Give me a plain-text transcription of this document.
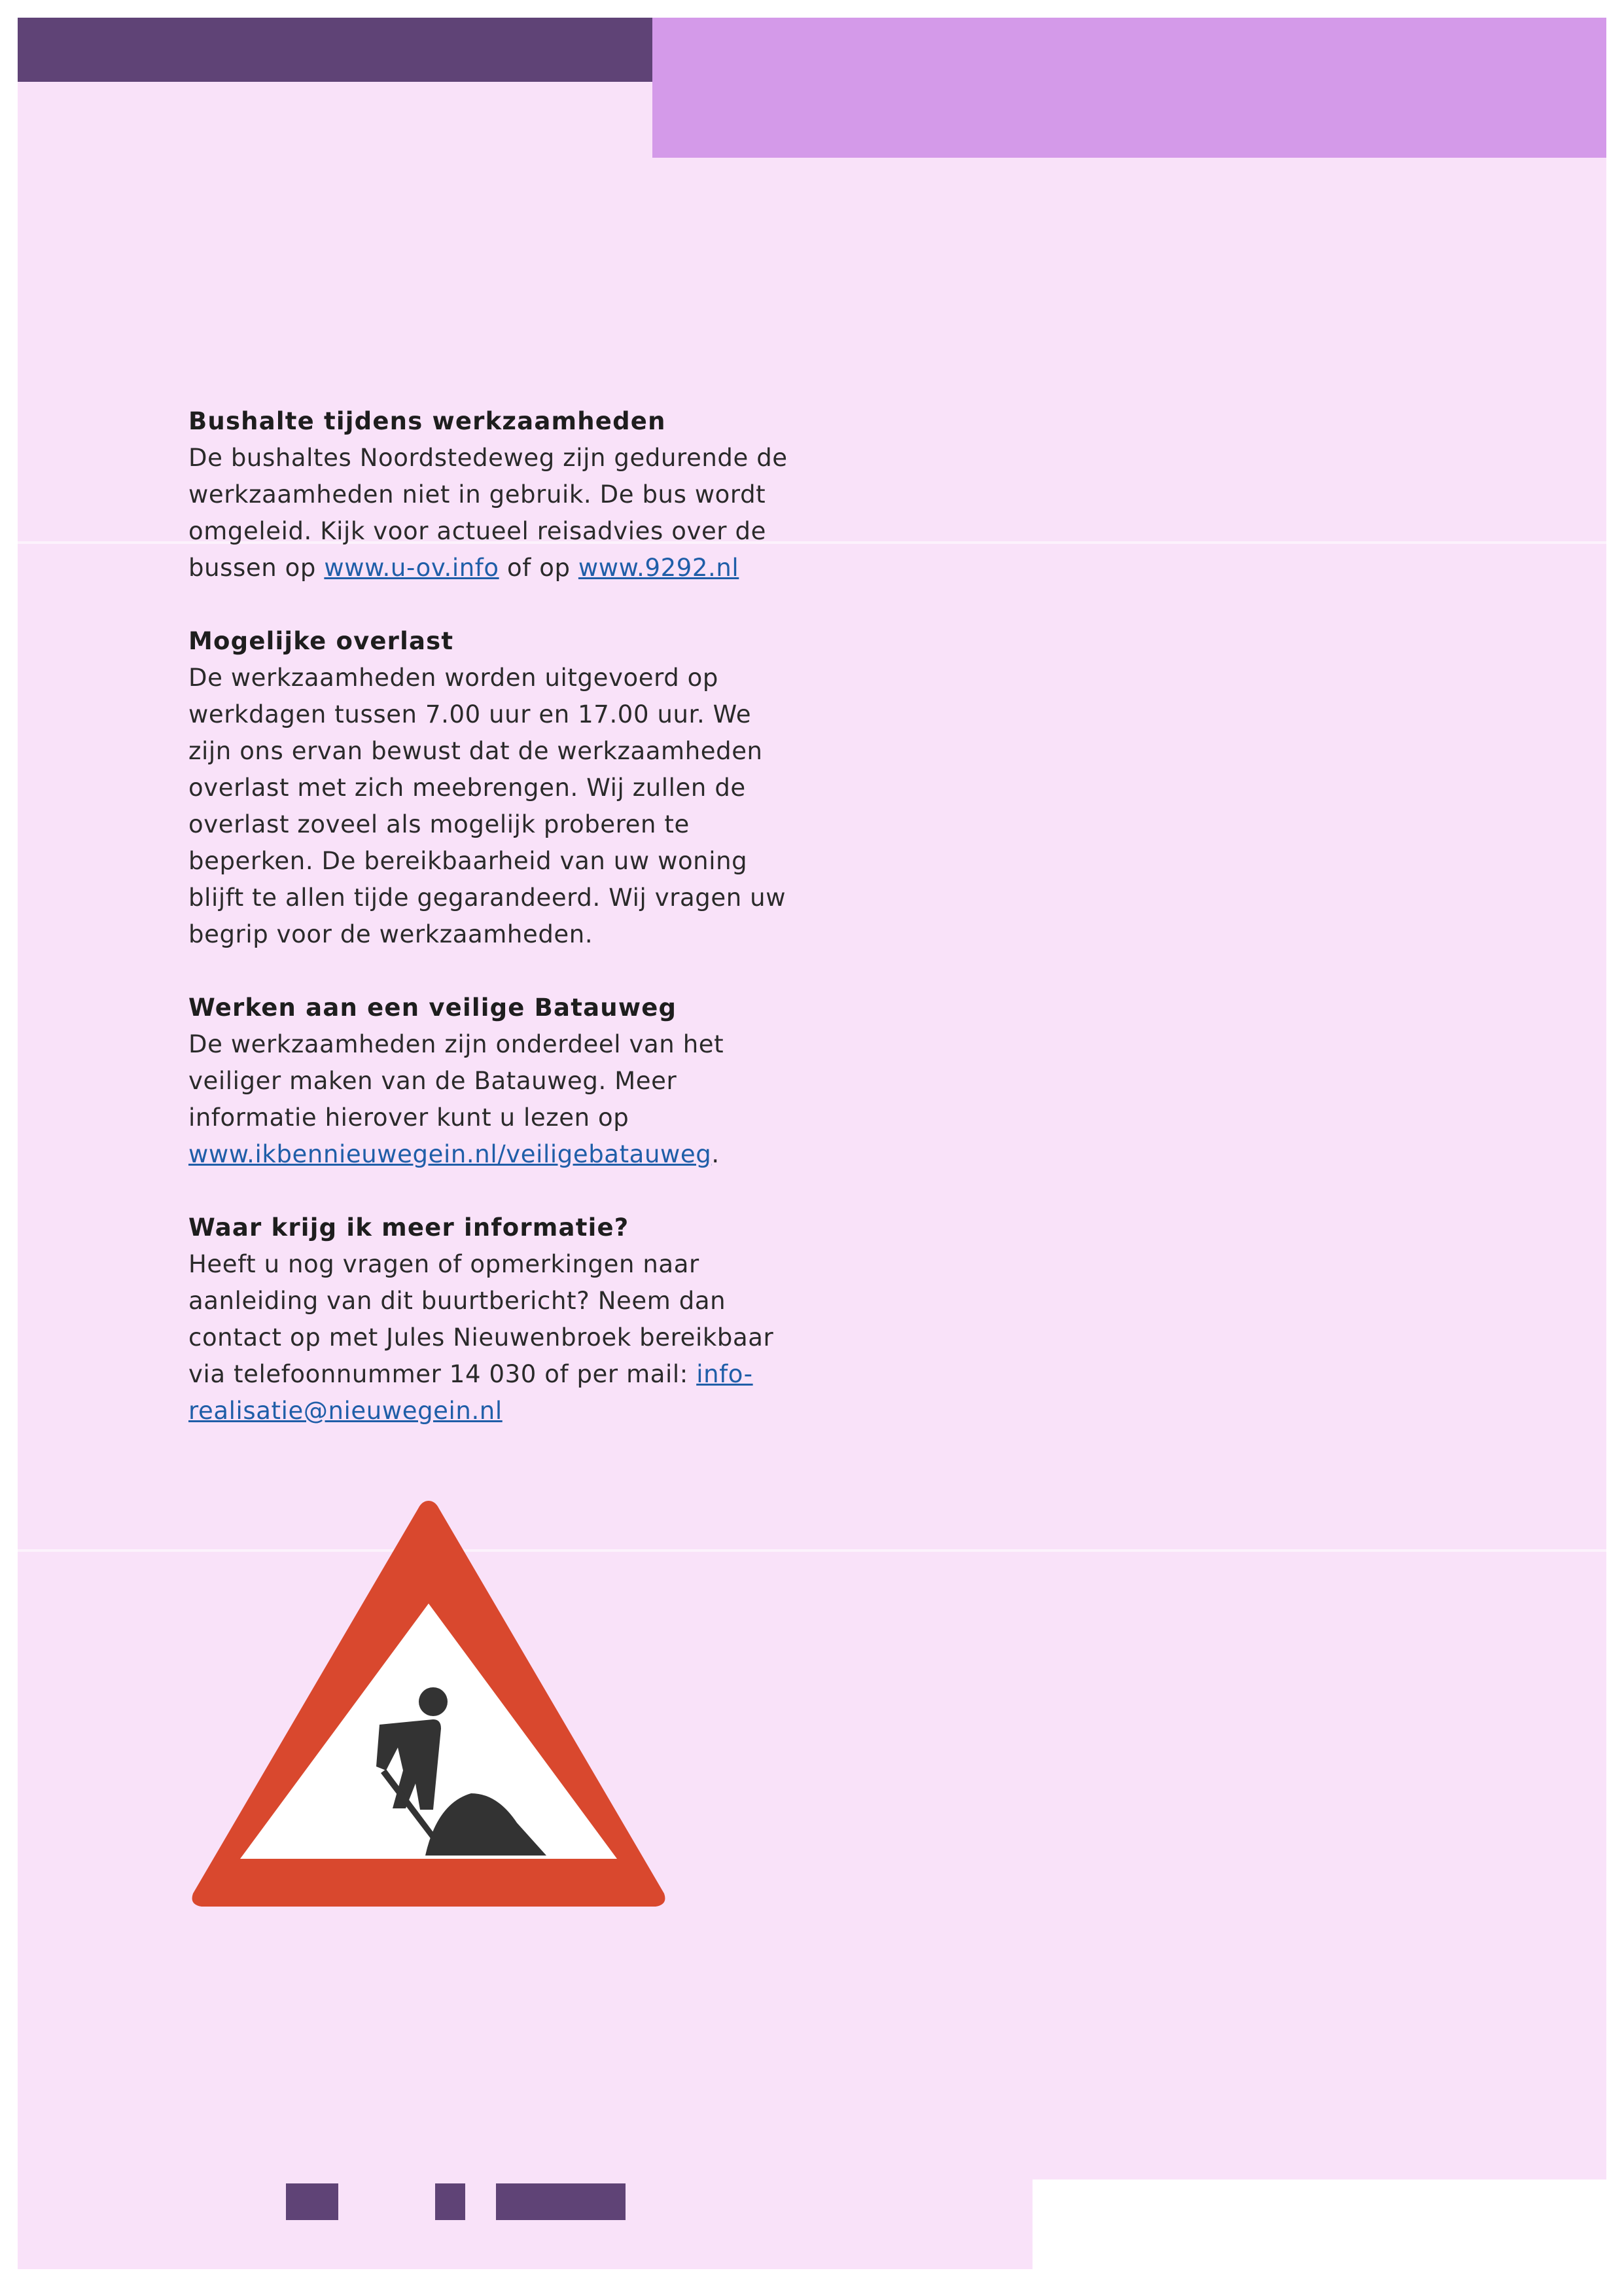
Bushalte tijdens werkzaamheden

De bushaltes Noordstedeweg zijn gedurende de werkzaamheden niet in gebruik. De bus wordt omgeleid. Kijk voor actueel reisadvies over de bussen op www.u-ov.info of op www.9292.nl

Mogelijke overlast

De werkzaamheden worden uitgevoerd op werkdagen tussen 7.00 uur en 17.00 uur. We zijn ons ervan bewust dat de werkzaamheden overlast met zich meebrengen. Wij zullen de overlast zoveel als mogelijk proberen te beperken. De bereikbaarheid van uw woning blijft te allen tijde gegarandeerd. Wij vragen uw begrip voor de werkzaamheden.

Werken aan een veilige Batauweg

De werkzaamheden zijn onderdeel van het veiliger maken van de Batauweg. Meer informatie hierover kunt u lezen op www.ikbennieuwegein.nl/veiligebatauweg.

Waar krijg ik meer informatie?

Heeft u nog vragen of opmerkingen naar aanleiding van dit buurtbericht? Neem dan contact op met Jules Nieuwenbroek bereikbaar via telefoonnummer 14 030 of per mail: info-realisatie@nieuwegein.nl
